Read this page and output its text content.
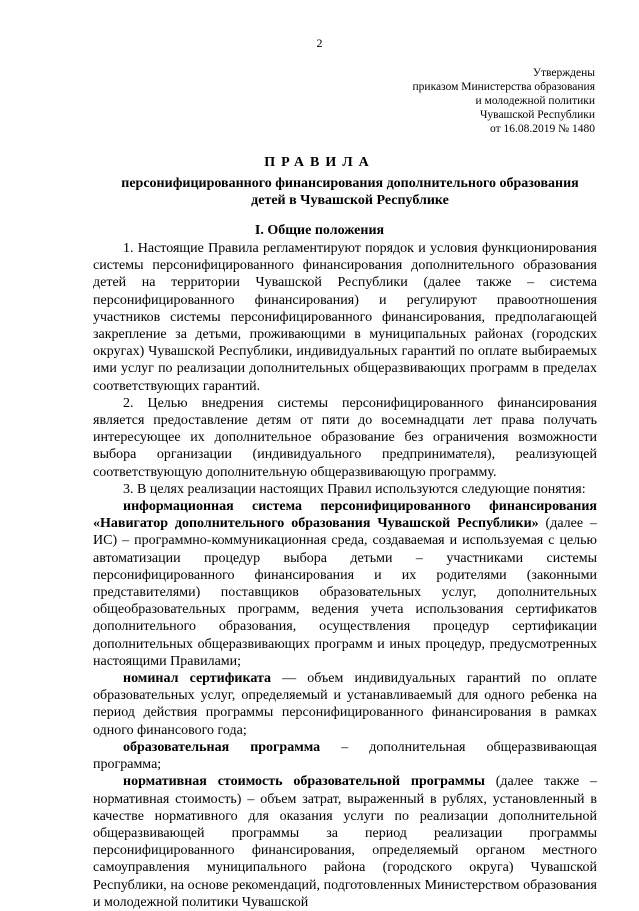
2
Утверждены
приказом Министерства образования
и молодежной политики
Чувашской Республики
от 16.08.2019 № 1480
ПРАВИЛА
персонифицированного финансирования дополнительного образования детей в Чувашской Республике
I. Общие положения

1. Настоящие Правила регламентируют порядок и условия функционирования системы персонифицированного финансирования дополнительного образования детей на территории Чувашской Республики (далее также – система персонифицированного финансирования) и регулируют правоотношения участников системы персонифицированного финансирования, предполагающей закрепление за детьми, проживающими в муниципальных районах (городских округах) Чувашской Республики, индивидуальных гарантий по оплате выбираемых ими услуг по реализации дополнительных общеразвивающих программ в пределах соответствующих гарантий.

2. Целью внедрения системы персонифицированного финансирования является предоставление детям от пяти до восемнадцати лет права получать интересующее их дополнительное образование без ограничения возможности выбора организации (индивидуального предпринимателя), реализующей соответствующую дополнительную общеразвивающую программу.

3. В целях реализации настоящих Правил используются следующие понятия:

информационная система персонифицированного финансирования «Навигатор дополнительного образования Чувашской Республики» (далее – ИС) – программно-коммуникационная среда, создаваемая и используемая с целью автоматизации процедур выбора детьми – участниками системы персонифицированного финансирования и их родителями (законными представителями) поставщиков образовательных услуг, дополнительных общеобразовательных программ, ведения учета использования сертификатов дополнительного образования, осуществления процедур сертификации дополнительных общеразвивающих программ и иных процедур, предусмотренных настоящими Правилами;

номинал сертификата — объем индивидуальных гарантий по оплате образовательных услуг, определяемый и устанавливаемый для одного ребенка на период действия программы персонифицированного финансирования в рамках одного финансового года;

образовательная программа – дополнительная общеразвивающая программа;

нормативная стоимость образовательной программы (далее также – нормативная стоимость) – объем затрат, выраженный в рублях, установленный в качестве нормативного для оказания услуги по реализации дополнительной общеразвивающей программы за период реализации программы персонифицированного финансирования, определяемый органом местного самоуправления муниципального района (городского округа) Чувашской Республики, на основе рекомендаций, подготовленных Министерством образования и молодежной политики Чувашской
